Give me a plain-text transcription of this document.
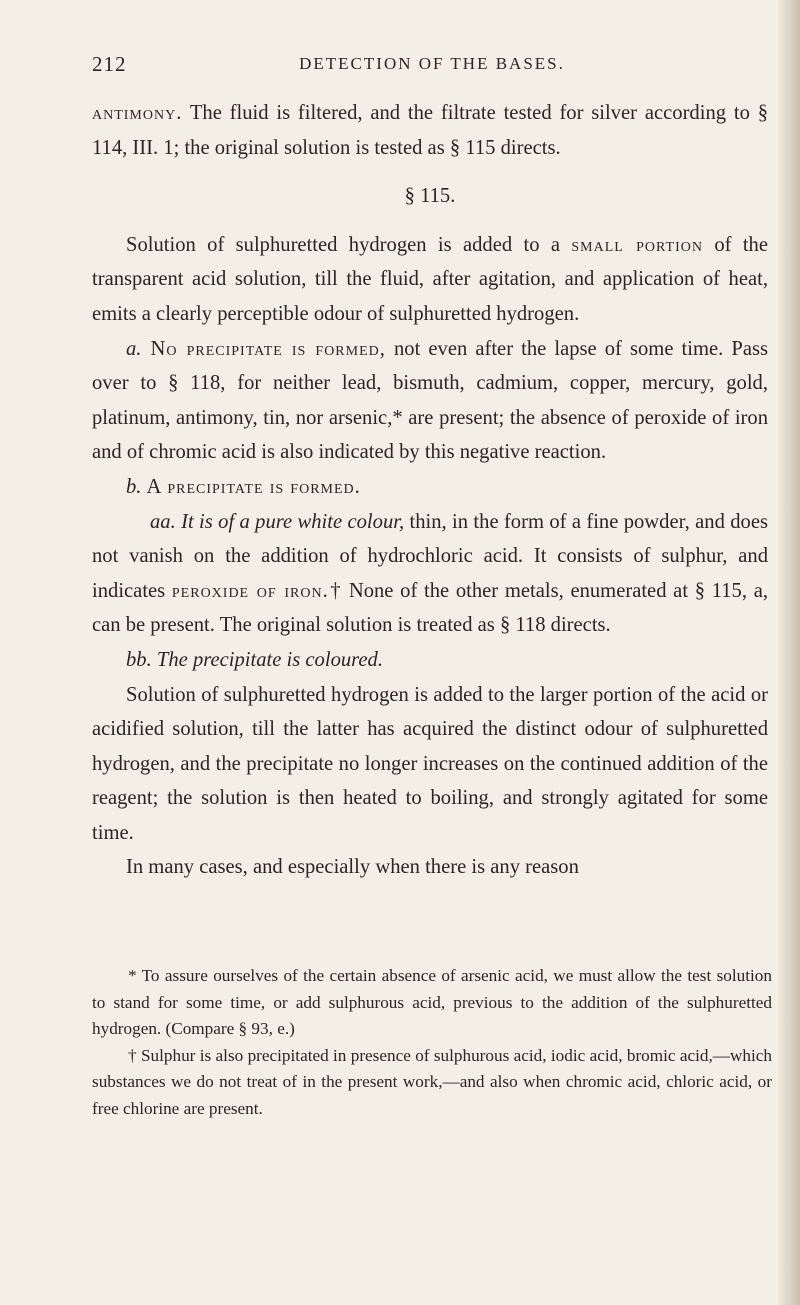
212	DETECTION OF THE BASES.

antimony. The fluid is filtered, and the filtrate tested for silver according to § 114, III. 1; the original solution is tested as § 115 directs.

§ 115.

Solution of sulphuretted hydrogen is added to a small portion of the transparent acid solution, till the fluid, after agitation, and application of heat, emits a clearly perceptible odour of sulphuretted hydrogen.

a. No precipitate is formed, not even after the lapse of some time. Pass over to § 118, for neither lead, bismuth, cadmium, copper, mercury, gold, platinum, antimony, tin, nor arsenic,* are present; the absence of peroxide of iron and of chromic acid is also indicated by this negative reaction.

b. A precipitate is formed.

aa. It is of a pure white colour, thin, in the form of a fine powder, and does not vanish on the addition of hydrochloric acid. It consists of sulphur, and indicates peroxide of iron.† None of the other metals, enumerated at § 115, a, can be present. The original solution is treated as § 118 directs.

bb. The precipitate is coloured.

Solution of sulphuretted hydrogen is added to the larger portion of the acid or acidified solution, till the latter has acquired the distinct odour of sulphuretted hydrogen, and the precipitate no longer increases on the continued addition of the reagent; the solution is then heated to boiling, and strongly agitated for some time.

In many cases, and especially when there is any reason

* To assure ourselves of the certain absence of arsenic acid, we must allow the test solution to stand for some time, or add sulphurous acid, previous to the addition of the sulphuretted hydrogen. (Compare § 93, e.)

† Sulphur is also precipitated in presence of sulphurous acid, iodic acid, bromic acid,—which substances we do not treat of in the present work,—and also when chromic acid, chloric acid, or free chlorine are present.
